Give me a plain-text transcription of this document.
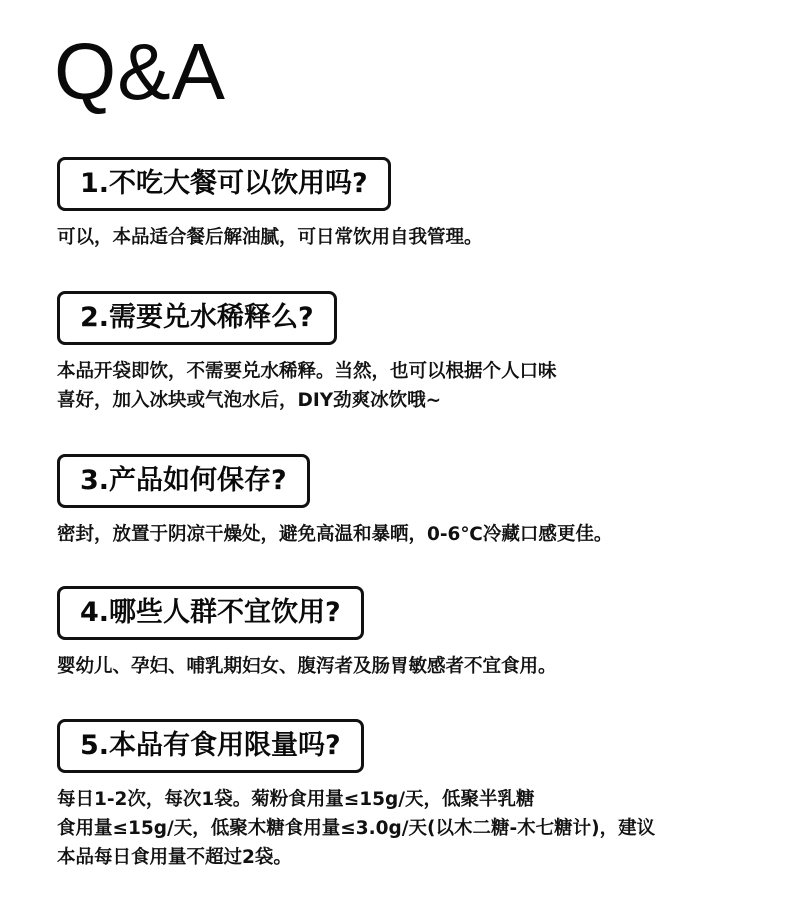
Q&A
1.不吃大餐可以饮用吗?
可以，本品适合餐后解油腻，可日常饮用自我管理。
2.需要兑水稀释么?
本品开袋即饮，不需要兑水稀释。当然，也可以根据个人口味
喜好，加入冰块或气泡水后，DIY劲爽冰饮哦~
3.产品如何保存?
密封，放置于阴凉干燥处，避免高温和暴晒，0-6℃冷藏口感更佳。
4.哪些人群不宜饮用?
婴幼儿、孕妇、哺乳期妇女、腹泻者及肠胃敏感者不宜食用。
5.本品有食用限量吗?
每日1-2次，每次1袋。菊粉食用量≤15g/天，低聚半乳糖
食用量≤15g/天，低聚木糖食用量≤3.0g/天(以木二糖-木七糖计)，建议
本品每日食用量不超过2袋。
